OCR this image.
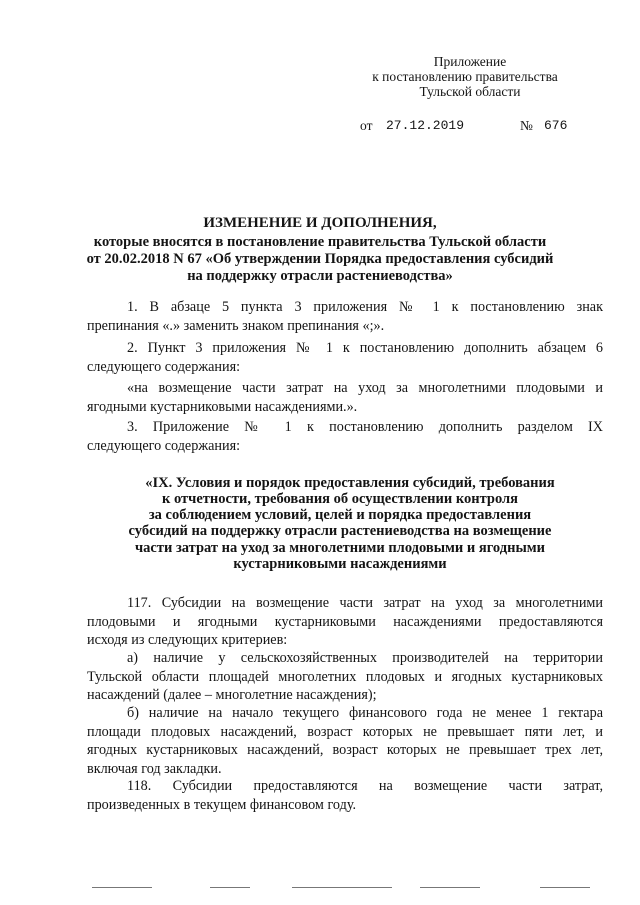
Приложение
к постановлению правительства
Тульской области
от 27.12.2019	№ 676
ИЗМЕНЕНИЕ И ДОПОЛНЕНИЯ,
которые вносятся в постановление правительства Тульской области
от 20.02.2018 N 67 «Об утверждении Порядка предоставления субсидий
на поддержку отрасли растениеводства»
1. В абзаце 5 пункта 3 приложения № 1 к постановлению знак
препинания «.» заменить знаком препинания «;».
2. Пункт 3 приложения № 1 к постановлению дополнить абзацем 6
следующего содержания:
«на возмещение части затрат на уход за многолетними плодовыми и
ягодными кустарниковыми насаждениями.».
3. Приложение № 1 к постановлению дополнить разделом IX
следующего содержания:
«IX. Условия и порядок предоставления субсидий, требования
к отчетности, требования об осуществлении контроля
за соблюдением условий, целей и порядка предоставления
субсидий на поддержку отрасли растениеводства на возмещение
части затрат на уход за многолетними плодовыми и ягодными
кустарниковыми насаждениями
117. Субсидии на возмещение части затрат на уход за многолетними
плодовыми и ягодными кустарниковыми насаждениями предоставляются
исходя из следующих критериев:
а) наличие у сельскохозяйственных производителей на территории
Тульской области площадей многолетних плодовых и ягодных кустарниковых
насаждений (далее – многолетние насаждения);
б) наличие на начало текущего финансового года не менее 1 гектара
площади плодовых насаждений, возраст которых не превышает пяти лет, и
ягодных кустарниковых насаждений, возраст которых не превышает трех лет,
включая год закладки.
118. Субсидии предоставляются на возмещение части затрат,
произведенных в текущем финансовом году.
